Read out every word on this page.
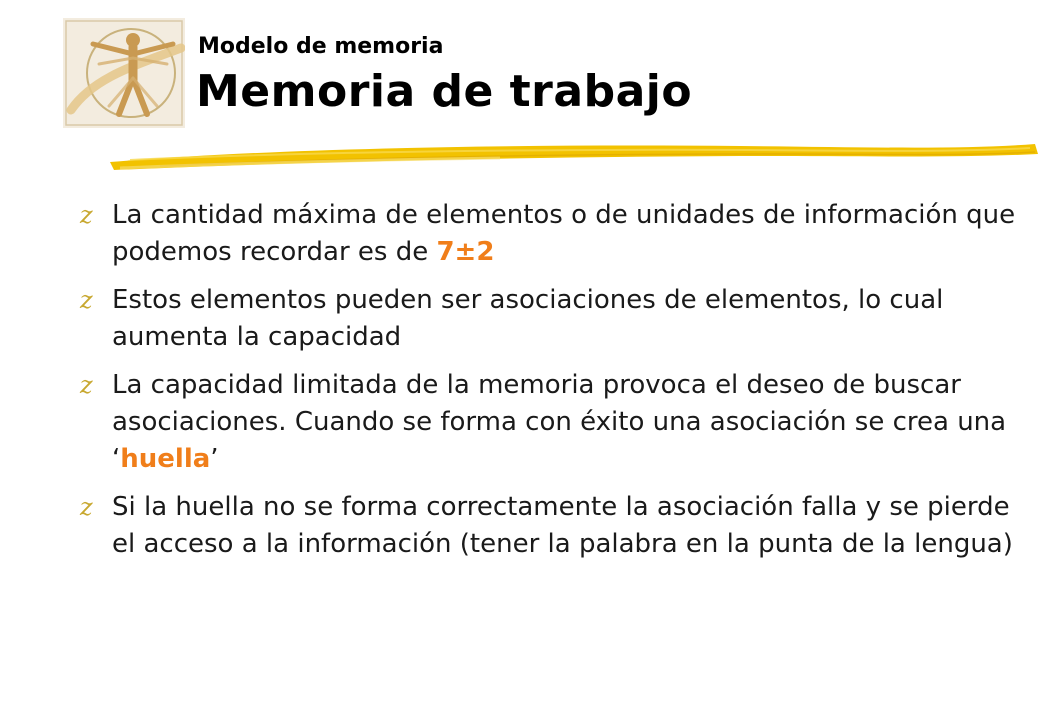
Modelo de memoria
Memoria de trabajo
z La cantidad máxima de elementos o de unidades de información que podemos recordar es de 7±2
z Estos elementos pueden ser asociaciones de elementos, lo cual aumenta la capacidad
z La capacidad limitada de la memoria provoca el deseo de buscar asociaciones. Cuando se forma con éxito una asociación se crea una ‘huella’
z Si la huella no se forma correctamente la asociación falla y se pierde el acceso a la información (tener la palabra en la punta de la lengua)
